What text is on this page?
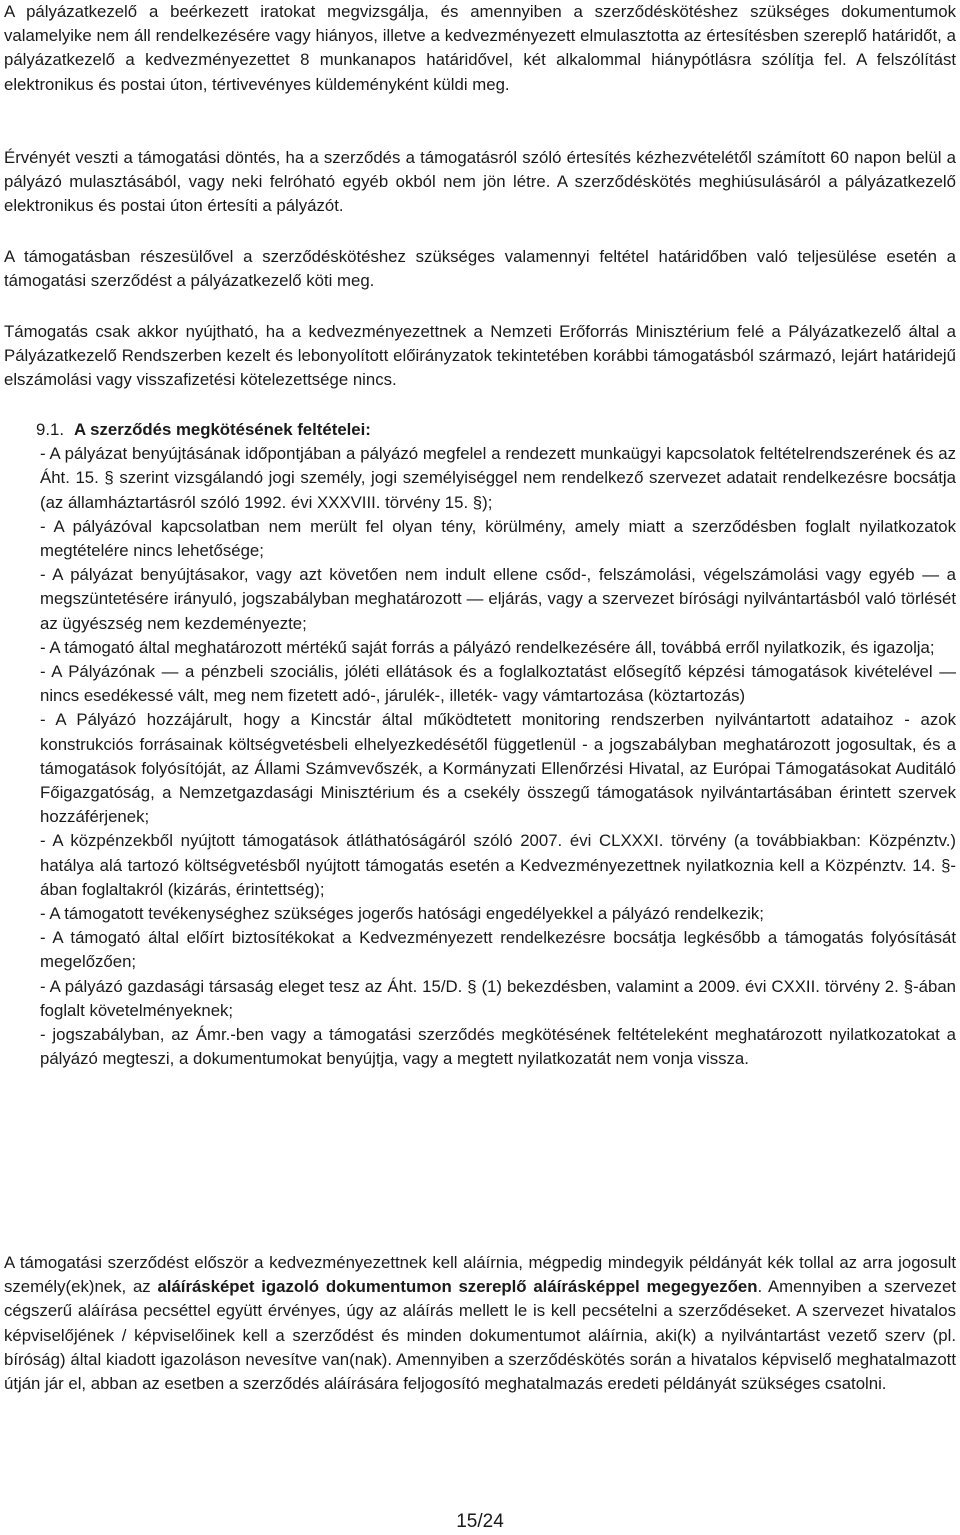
A pályázatkezelő a beérkezett iratokat megvizsgálja, és amennyiben a szerződéskötéshez szükséges dokumentumok valamelyike nem áll rendelkezésére vagy hiányos, illetve a kedvezményezett elmulasztotta az értesítésben szereplő határidőt, a pályázatkezelő a kedvezményezettet 8 munkanapos határidővel, két alkalommal hiánypótlásra szólítja fel. A felszólítást elektronikus és postai úton, tértivevényes küldeményként küldi meg.

Érvényét veszti a támogatási döntés, ha a szerződés a támogatásról szóló értesítés kézhezvételétől számított 60 napon belül a pályázó mulasztásából, vagy neki felróható egyéb okból nem jön létre. A szerződéskötés meghiúsulásáról a pályázatkezelő elektronikus és postai úton értesíti a pályázót.

A támogatásban részesülővel a szerződéskötéshez szükséges valamennyi feltétel határidőben való teljesülése esetén a támogatási szerződést a pályázatkezelő köti meg.

Támogatás csak akkor nyújtható, ha a kedvezményezettnek a Nemzeti Erőforrás Minisztérium felé a Pályázatkezelő által a Pályázatkezelő Rendszerben kezelt és lebonyolított előirányzatok tekintetében korábbi támogatásból származó, lejárt határidejű elszámolási vagy visszafizetési kötelezettsége nincs.

9.1. A szerződés megkötésének feltételei:

- A pályázat benyújtásának időpontjában a pályázó megfelel a rendezett munkaügyi kapcsolatok feltételrendszerének és az Áht. 15. § szerint vizsgálandó jogi személy, jogi személyiséggel nem rendelkező szervezet adatait rendelkezésre bocsátja (az államháztartásról szóló 1992. évi XXXVIII. törvény 15. §);
- A pályázóval kapcsolatban nem merült fel olyan tény, körülmény, amely miatt a szerződésben foglalt nyilatkozatok megtételére nincs lehetősége;
- A pályázat benyújtásakor, vagy azt követően nem indult ellene csőd-, felszámolási, végelszámolási vagy egyéb — a megszüntetésére irányuló, jogszabályban meghatározott — eljárás, vagy a szervezet bírósági nyilvántartásból való törlését az ügyészség nem kezdeményezte;
- A támogató által meghatározott mértékű saját forrás a pályázó rendelkezésére áll, továbbá erről nyilatkozik, és igazolja;
- A Pályázónak — a pénzbeli szociális, jóléti ellátások és a foglalkoztatást elősegítő képzési támogatások kivételével — nincs esedékessé vált, meg nem fizetett adó-, járulék-, illeték- vagy vámtartozása (köztartozás)
- A Pályázó hozzájárult, hogy a Kincstár által működtetett monitoring rendszerben nyilvántartott adataihoz - azok konstrukciós forrásainak költségvetésbeli elhelyezkedésétől függetlenül - a jogszabályban meghatározott jogosultak, és a támogatások folyósítóját, az Állami Számvevőszék, a Kormányzati Ellenőrzési Hivatal, az Európai Támogatásokat Auditáló Főigazgatóság, a Nemzetgazdasági Minisztérium és a csekély összegű támogatások nyilvántartásában érintett szervek hozzáférjenek;
- A közpénzekből nyújtott támogatások átláthatóságáról szóló 2007. évi CLXXXI. törvény (a továbbiakban: Közpénztv.) hatálya alá tartozó költségvetésből nyújtott támogatás esetén a Kedvezményezettnek nyilatkoznia kell a Közpénztv. 14. §-ában foglaltakról (kizárás, érintettség);
- A támogatott tevékenységhez szükséges jogerős hatósági engedélyekkel a pályázó rendelkezik;
- A támogató által előírt biztosítékokat a Kedvezményezett rendelkezésre bocsátja legkésőbb a támogatás folyósítását megelőzően;
- A pályázó gazdasági társaság eleget tesz az Áht. 15/D. § (1) bekezdésben, valamint a 2009. évi CXXII. törvény 2. §-ában foglalt követelményeknek;
- jogszabályban, az Ámr.-ben vagy a támogatási szerződés megkötésének feltételeként meghatározott nyilatkozatokat a pályázó megteszi, a dokumentumokat benyújtja, vagy a megtett nyilatkozatát nem vonja vissza.

A támogatási szerződést először a kedvezményezettnek kell aláírnia, mégpedig mindegyik példányát kék tollal az arra jogosult személy(ek)nek, az aláírásképet igazoló dokumentumon szereplő aláírásképpel megegyezően. Amennyiben a szervezet cégszerű aláírása pecséttel együtt érvényes, úgy az aláírás mellett le is kell pecsételni a szerződéseket. A szervezet hivatalos képviselőjének / képviselőinek kell a szerződést és minden dokumentumot aláírnia, aki(k) a nyilvántartást vezető szerv (pl. bíróság) által kiadott igazoláson nevesítve van(nak). Amennyiben a szerződéskötés során a hivatalos képviselő meghatalmazott útján jár el, abban az esetben a szerződés aláírására feljogosító meghatalmazás eredeti példányát szükséges csatolni.

15/24
